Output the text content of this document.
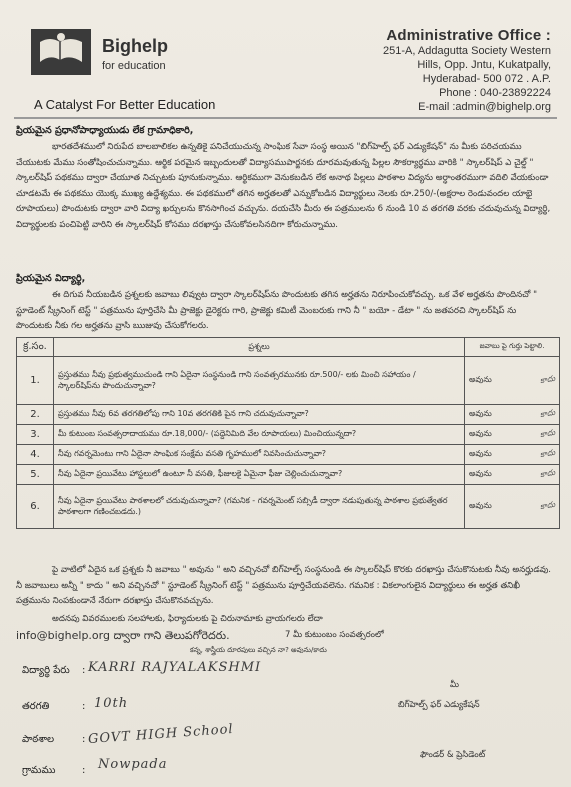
Bighelp
for education
A Catalyst For Better Education
Administrative Office :
251-A, Addagutta Society Western
Hills, Opp. Jntu, Kukatpally,
Hyderabad- 500 072 . A.P.
Phone : 040-23892224
E-mail :admin@bighelp.org
ప్రియమైన ప్రధానోపాధ్యాయుడు లేక గ్రామాధికారి,
భారతదేశములో నిరుపేద బాలబాలికల ఉన్నతికై పనిచేయుచున్న సాంఘిక సేవా సంస్థ అయిన "బిగ్‌హెల్ప్ ఫర్ ఎడ్యుకేషన్" ను మీకు పరిచయము చేయుటకు మేము సంతోషించుచున్నాము. ఆర్థిక పరమైన ఇబ్బందులతో విద్యాసముపార్జనకు దూరమవుతున్న పిల్లల సౌకర్యార్థము వారికి " స్కాలర్‌షిప్ ఎ చైల్డ్ " స్కాలర్‌షిప్ పథకము ద్వారా చేయూత నిచ్చుటకు పూనుకున్నాము. ఆర్థికముగా వెనుకబడిన లేక అనాథ పిల్లలు పాఠశాల విద్యను అర్ధాంతరముగా వదిలి వేయకుండా చూడటమే ఈ పథకము యొక్క ముఖ్య ఉద్దేశ్యము. ఈ పథకములో తగిన అర్హతలతో ఎన్నుకోబడిన విద్యార్థులు నెలకు రూ.250/-(అక్షరాల రెండువందల యాభై రూపాయలు) పొందుటకు ద్వారా వారి విద్యా ఖర్చులను కొనసాగించ వచ్చును. దయచేసి మీరు ఈ పత్రములను 6 నుండి 10 వ తరగతి వరకు చదువుచున్న విద్యార్థి, విద్యార్థులకు పంచిపెట్టి వారిని ఈ స్కాలర్‌షిప్ కోసము దరఖాస్తు చేసుకోవలసినదిగా కోరుచున్నాము.
ప్రియమైన విద్యార్థి,
ఈ దిగువ నీయబడిన ప్రశ్నలకు జవాబు లివ్వుట ద్వారా స్కాలర్‌షిప్‌ను పొందుటకు తగిన అర్హతను నిరూపించుకోవచ్చు. ఒక వేళ అర్హతను పొందినచో " స్టూడెంట్ స్క్రీనింగ్ టెస్ట్ " పత్రమును పూర్తిచేసి మీ ప్రాజెక్టు డైరెక్టరు గారి, ప్రాజెక్టు కమిటీ మెంబరుకు గాని నీ " బయో - డేటా " ను జతపరచి స్కాలర్‌షిప్ ను పొందుటకు నీకు గల అర్హతను వ్రాసి ఋజువు చేసుకోగలరు.
క్ర.సం.	ప్రశ్నలు	జవాబు పై గుర్తు పెట్టాలి.
1.	ప్రస్తుతము నీవు ప్రభుత్వముచుండి గాని ఏదైనా సంస్థనుండి గాని సంవత్సరమునకు రూ.500/- లకు మించి సహాయం / స్కాలర్‌షిప్‌ను పొందుచున్నావా?	అవును కాదు

2.	ప్రస్తుతము నీవు 6వ తరగతిలోపు గాని 10వ తరగతికి పైన గాని చదువుచున్నావా?	అవును కాదు

3.	మీ కుటుంబ సంవత్సరాదాయము రూ.18,000/- (పద్దెనిమిది వేల రూపాయలు) మించియున్నదా?	అవును కాదు

4.	నీవు గవర్నమెంటు గాని ఏదైనా సాంఘిక సంక్షేమ వసతి గృహములో నివసించుచున్నావా?	అవును కాదు

5.	నీవు ఏదైనా ప్రయివేటు హాస్టలులో ఉంటూ నీ వసతి, ఫీజులకై ఏమైనా ఫీజు చెల్లించుచున్నావా?	అవును కాదు

6.	నీవు ఏదైనా ప్రయివేటు పాఠశాలలో చదువుచున్నావా? (గమనిక - గవర్నమెంట్ సబ్సిడీ ద్వారా నడుపుతున్న పాఠశాల ప్రభుత్వేతర పాఠశాలగా గణించబడదు.)	అవును కాదు
పై వాటిలో ఏదైన ఒక ప్రశ్నకు నీ జవాబు " అవును " అని వచ్చినచో బిగ్‌హెల్ప్ సంస్థనుండి ఈ స్కాలర్‌షిప్ కొరకు దరఖాస్తు చేసుకొనుటకు నీవు అనర్హుడవు. నీ జవాబులు అన్నీ " కాదు " అని వచ్చినచో " స్టూడెంట్ స్క్రీనింగ్ టెస్ట్ " పత్రమును పూర్తిచేయవలెను. గమనిక : వికలాంగులైన విద్యార్థులు ఈ అర్హత తనిఖీ పత్రమును నింపకుండానే నేరుగా దరఖాస్తు చేసుకొనవచ్చును.
అదనపు వివరములకు సలహాలకు, ఫిర్యాదులకు పై చిరునామాకు వ్రాయగలరు లేదా
info@bighelp.org ద్వారా గాని తెలుపగోరెదరు.	7 మీ కుటుంబం సంవత్సరంలో
కన్న, శాస్త్రీయ దూరపులు వచ్చిన నా? అవును/కాదు
విద్యార్థి పేరు : KARRI RAJYALAKSHMI
తరగతి	: 10th
పాఠశాల	: GOVT HIGH School
గ్రామము	: Nowpada
మీ
బిగ్‌హెల్ప్ ఫర్ ఎడ్యుకేషన్
ఫౌండర్ & ప్రెసిడెంట్
